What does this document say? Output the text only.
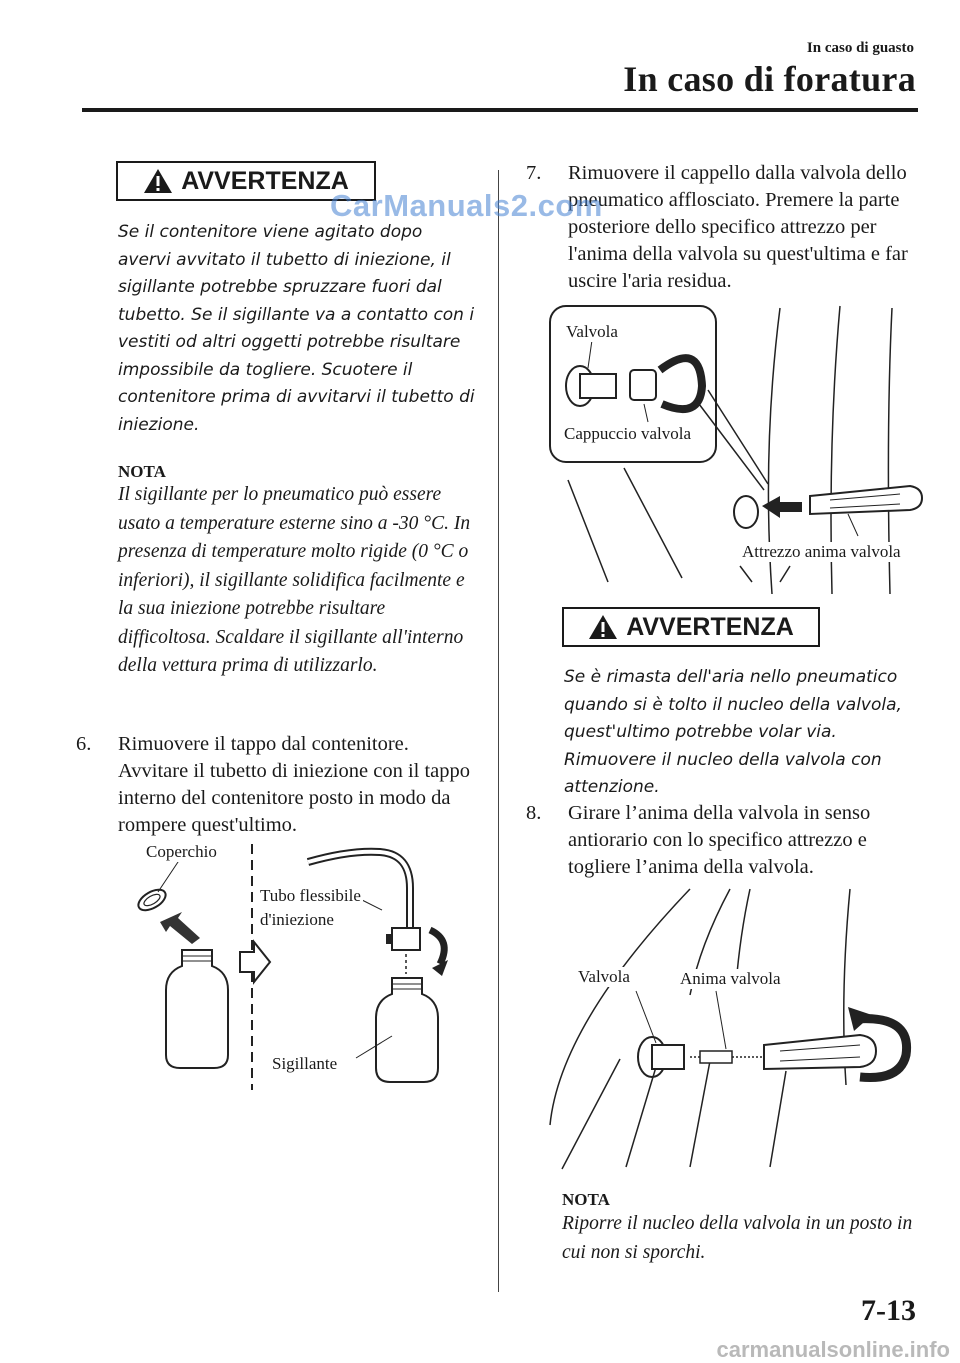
In caso di guasto
In caso di foratura
AVVERTENZA
Se il contenitore viene agitato dopo avervi avvitato il tubetto di iniezione, il sigillante potrebbe spruzzare fuori dal tubetto. Se il sigillante va a contatto con i vestiti od altri oggetti potrebbe risultare impossibile da togliere. Scuotere il contenitore prima di avvitarvi il tubetto di iniezione.
NOTA
Il sigillante per lo pneumatico può essere usato a temperature esterne sino a -30 °C. In presenza di temperature molto rigide (0 °C o inferiori), il sigillante solidifica facilmente e la sua iniezione potrebbe risultare difficoltosa. Scaldare il sigillante all'interno della vettura prima di utilizzarlo.
6. Rimuovere il tappo dal contenitore. Avvitare il tubetto di iniezione con il tappo interno del contenitore posto in modo da rompere quest'ultimo.
Coperchio
Tubo flessibile
d'iniezione
Sigillante
7. Rimuovere il cappello dalla valvola dello pneumatico afflosciato. Premere la parte posteriore dello specifico attrezzo per l'anima della valvola su quest'ultima e far uscire l'aria residua.
Valvola
Cappuccio valvola
Attrezzo anima valvola
AVVERTENZA
Se è rimasta dell'aria nello pneumatico quando si è tolto il nucleo della valvola, quest'ultimo potrebbe volar via. Rimuovere il nucleo della valvola con attenzione.
8. Girare l’anima della valvola in senso antiorario con lo specifico attrezzo e togliere l’anima della valvola.
Valvola	Anima valvola
NOTA
Riporre il nucleo della valvola in un posto in cui non si sporchi.
CarManuals2.com
7-13
carmanualsonline.info
